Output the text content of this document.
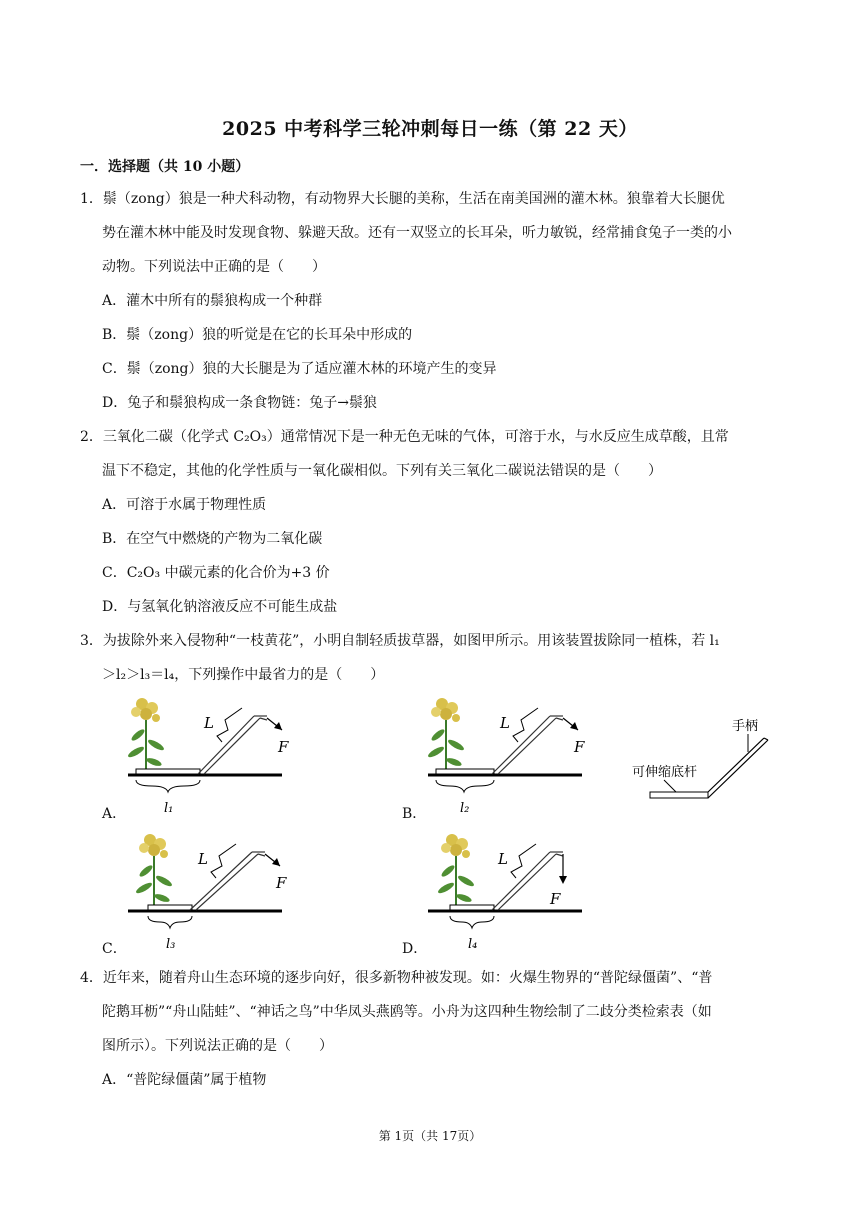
2025 中考科学三轮冲刺每日一练（第 22 天）
一．选择题（共 10 小题）
1．鬃（zong）狼是一种犬科动物，有动物界大长腿的美称，生活在南美国洲的灌木林。狼靠着大长腿优
势在灌木林中能及时发现食物、躲避天敌。还有一双竖立的长耳朵，听力敏锐，经常捕食兔子一类的小
动物。下列说法中正确的是（　　）
A．灌木中所有的鬃狼构成一个种群
B．鬃（zong）狼的听觉是在它的长耳朵中形成的
C．鬃（zong）狼的大长腿是为了适应灌木林的环境产生的变异
D．兔子和鬃狼构成一条食物链：兔子→鬃狼
2．三氧化二碳（化学式 C₂O₃）通常情况下是一种无色无味的气体，可溶于水，与水反应生成草酸，且常
温下不稳定，其他的化学性质与一氧化碳相似。下列有关三氧化二碳说法错误的是（　　）
A．可溶于水属于物理性质
B．在空气中燃烧的产物为二氧化碳
C．C₂O₃ 中碳元素的化合价为+3 价
D．与氢氧化钠溶液反应不可能生成盐
3．为拔除外来入侵物种“一枝黄花”，小明自制轻质拔草器，如图甲所示。用该装置拔除同一植株，若 l₁
＞l₂＞l₃＝l₄，下列操作中最省力的是（　　）
A．
L
F
l₁	B．
L
F
l₂
手柄
可伸缩底杆
C．
L
F
l₃	D．
L
F
l₄
4．近年来，随着舟山生态环境的逐步向好，很多新物种被发现。如：火爆生物界的“普陀绿僵菌”、“普
陀鹅耳枥”“舟山陆蛙”、“神话之鸟”中华凤头燕鸥等。小舟为这四种生物绘制了二歧分类检索表（如
图所示）。下列说法正确的是（　　）
A．“普陀绿僵菌”属于植物
第 1页（共 17页）
